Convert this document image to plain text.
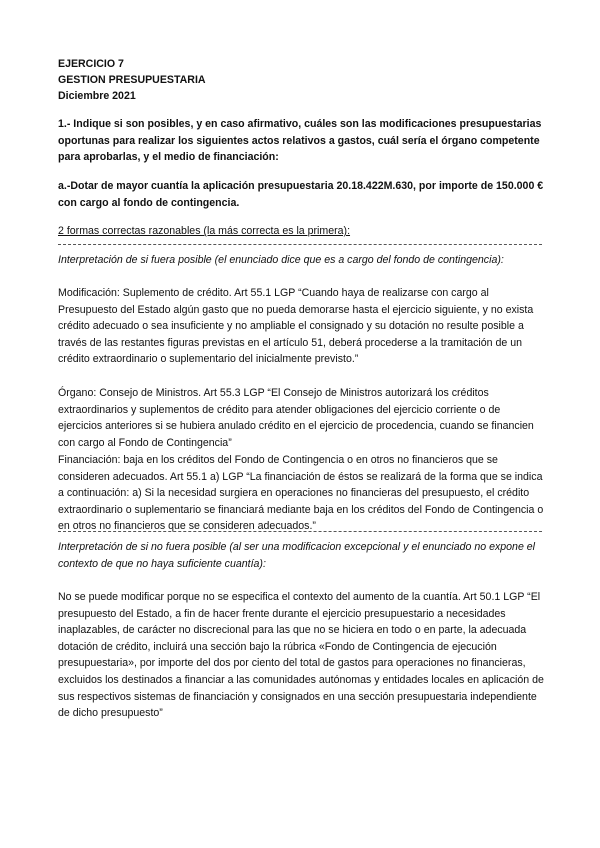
EJERCICIO 7
GESTION PRESUPUESTARIA
Diciembre 2021

1.- Indique si son posibles, y en caso afirmativo, cuáles son las modificaciones presupuestarias oportunas para realizar los siguientes actos relativos a gastos, cuál sería el órgano competente para aprobarlas, y el medio de financiación:

a.-Dotar de mayor cuantía la aplicación presupuestaria 20.18.422M.630, por importe de 150.000 € con cargo al fondo de contingencia.

2 formas correctas razonables (la más correcta es la primera):
Interpretación de si fuera posible (el enunciado dice que es a cargo del fondo de contingencia):

Modificación: Suplemento de crédito. Art 55.1 LGP “Cuando haya de realizarse con cargo al Presupuesto del Estado algún gasto que no pueda demorarse hasta el ejercicio siguiente, y no exista crédito adecuado o sea insuficiente y no ampliable el consignado y su dotación no resulte posible a través de las restantes figuras previstas en el artículo 51, deberá procederse a la tramitación de un crédito extraordinario o suplementario del inicialmente previsto.”

Órgano: Consejo de Ministros. Art 55.3 LGP “El Consejo de Ministros autorizará los créditos extraordinarios y suplementos de crédito para atender obligaciones del ejercicio corriente o de ejercicios anteriores si se hubiera anulado crédito en el ejercicio de procedencia, cuando se financien con cargo al Fondo de Contingencia”

Financiación: baja en los créditos del Fondo de Contingencia o en otros no financieros que se consideren adecuados. Art 55.1 a) LGP “La financiación de éstos se realizará de la forma que se indica a continuación: a) Si la necesidad surgiera en operaciones no financieras del presupuesto, el crédito extraordinario o suplementario se financiará mediante baja en los créditos del Fondo de Contingencia o en otros no financieros que se consideren adecuados.”

Interpretación de si no fuera posible (al ser una modificacion excepcional y el enunciado no expone el contexto de que no haya suficiente cuantía):

No se puede modificar porque no se especifica el contexto del aumento de la cuantía. Art 50.1 LGP “El presupuesto del Estado, a fin de hacer frente durante el ejercicio presupuestario a necesidades inaplazables, de carácter no discrecional para las que no se hiciera en todo o en parte, la adecuada dotación de crédito, incluirá una sección bajo la rúbrica «Fondo de Contingencia de ejecución presupuestaria», por importe del dos por ciento del total de gastos para operaciones no financieras, excluidos los destinados a financiar a las comunidades autónomas y entidades locales en aplicación de sus respectivos sistemas de financiación y consignados en una sección presupuestaria independiente de dicho presupuesto”
